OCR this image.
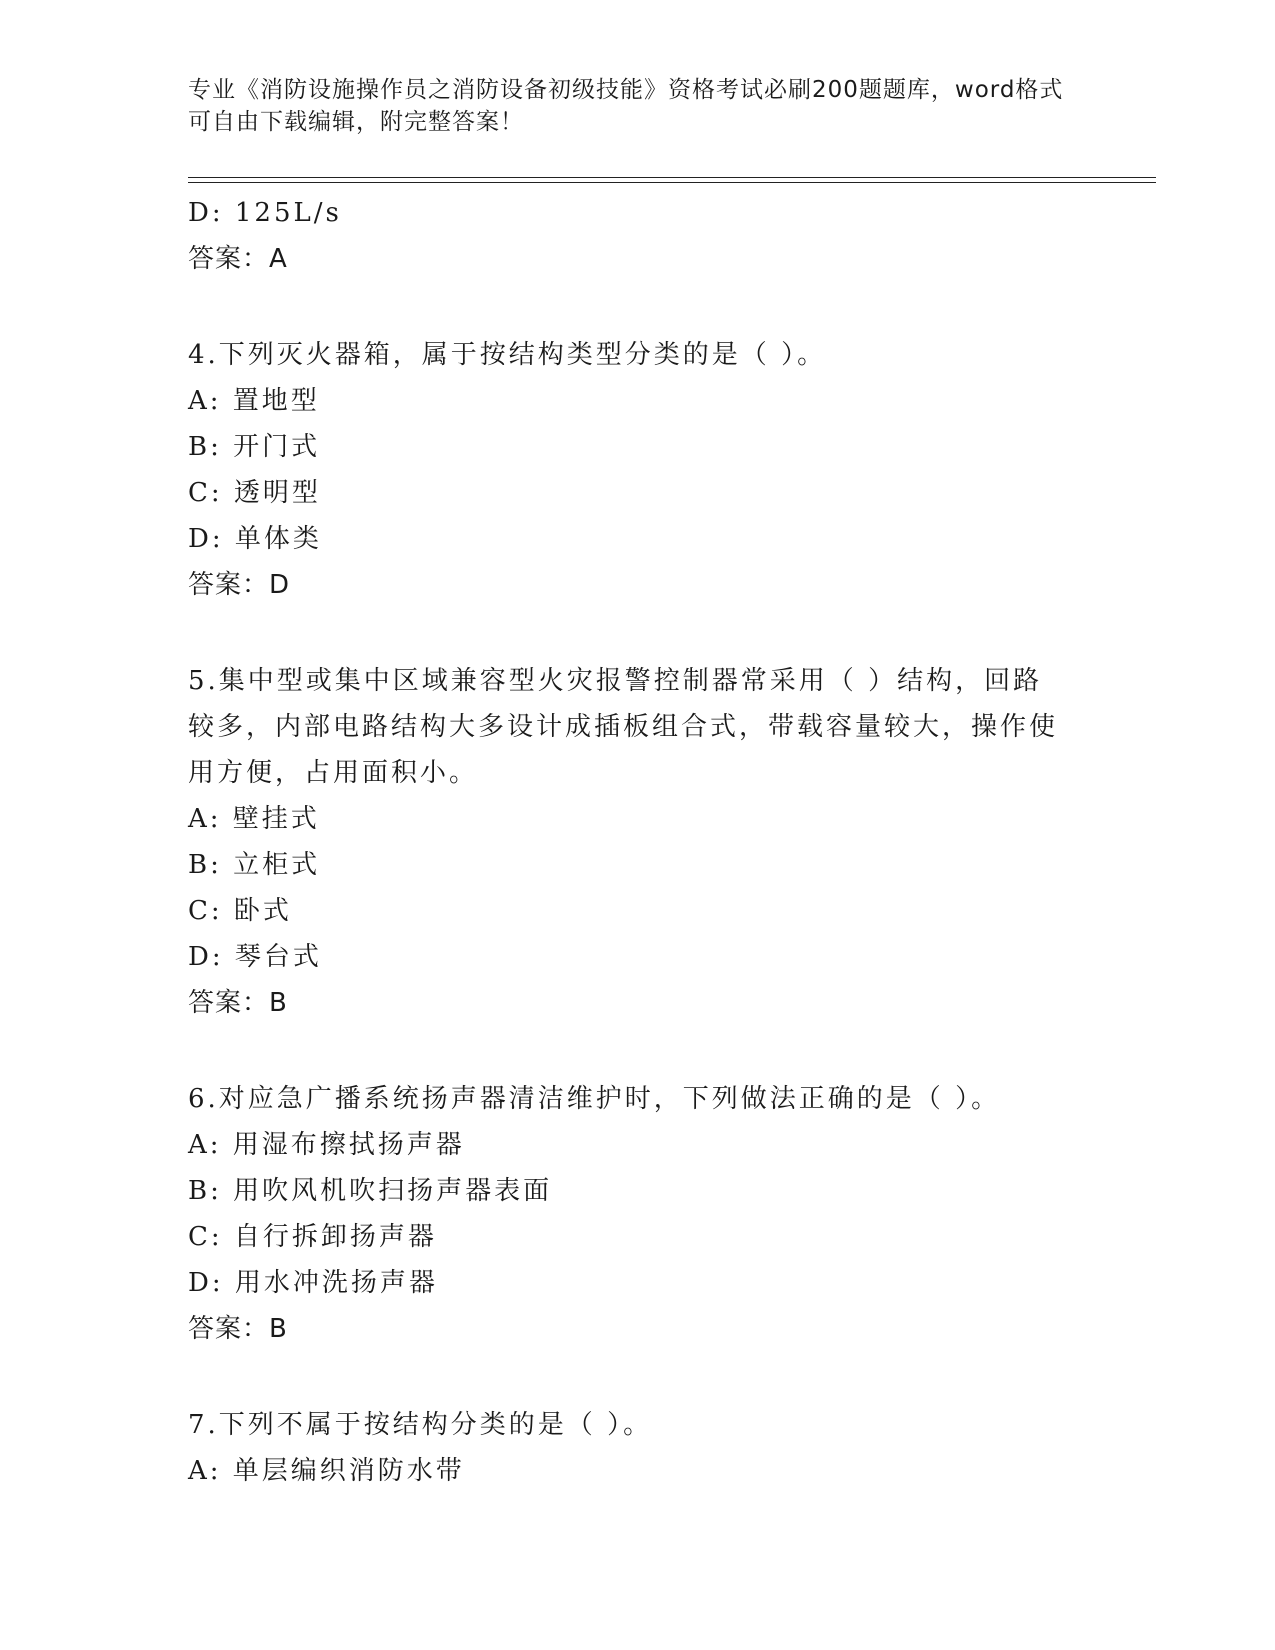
专业《消防设施操作员之消防设备初级技能》资格考试必刷200题题库，word格式可自由下载编辑，附完整答案！
D: 125L/s
答案：A
4.下列灭火器箱，属于按结构类型分类的是（ ）。
A: 置地型
B: 开门式
C: 透明型
D: 单体类
答案：D
5.集中型或集中区域兼容型火灾报警控制器常采用（ ）结构，回路较多，内部电路结构大多设计成插板组合式，带载容量较大，操作使用方便，占用面积小。
A: 壁挂式
B: 立柜式
C: 卧式
D: 琴台式
答案：B
6.对应急广播系统扬声器清洁维护时，下列做法正确的是（ ）。
A: 用湿布擦拭扬声器
B: 用吹风机吹扫扬声器表面
C: 自行拆卸扬声器
D: 用水冲洗扬声器
答案：B
7.下列不属于按结构分类的是（ ）。
A: 单层编织消防水带
